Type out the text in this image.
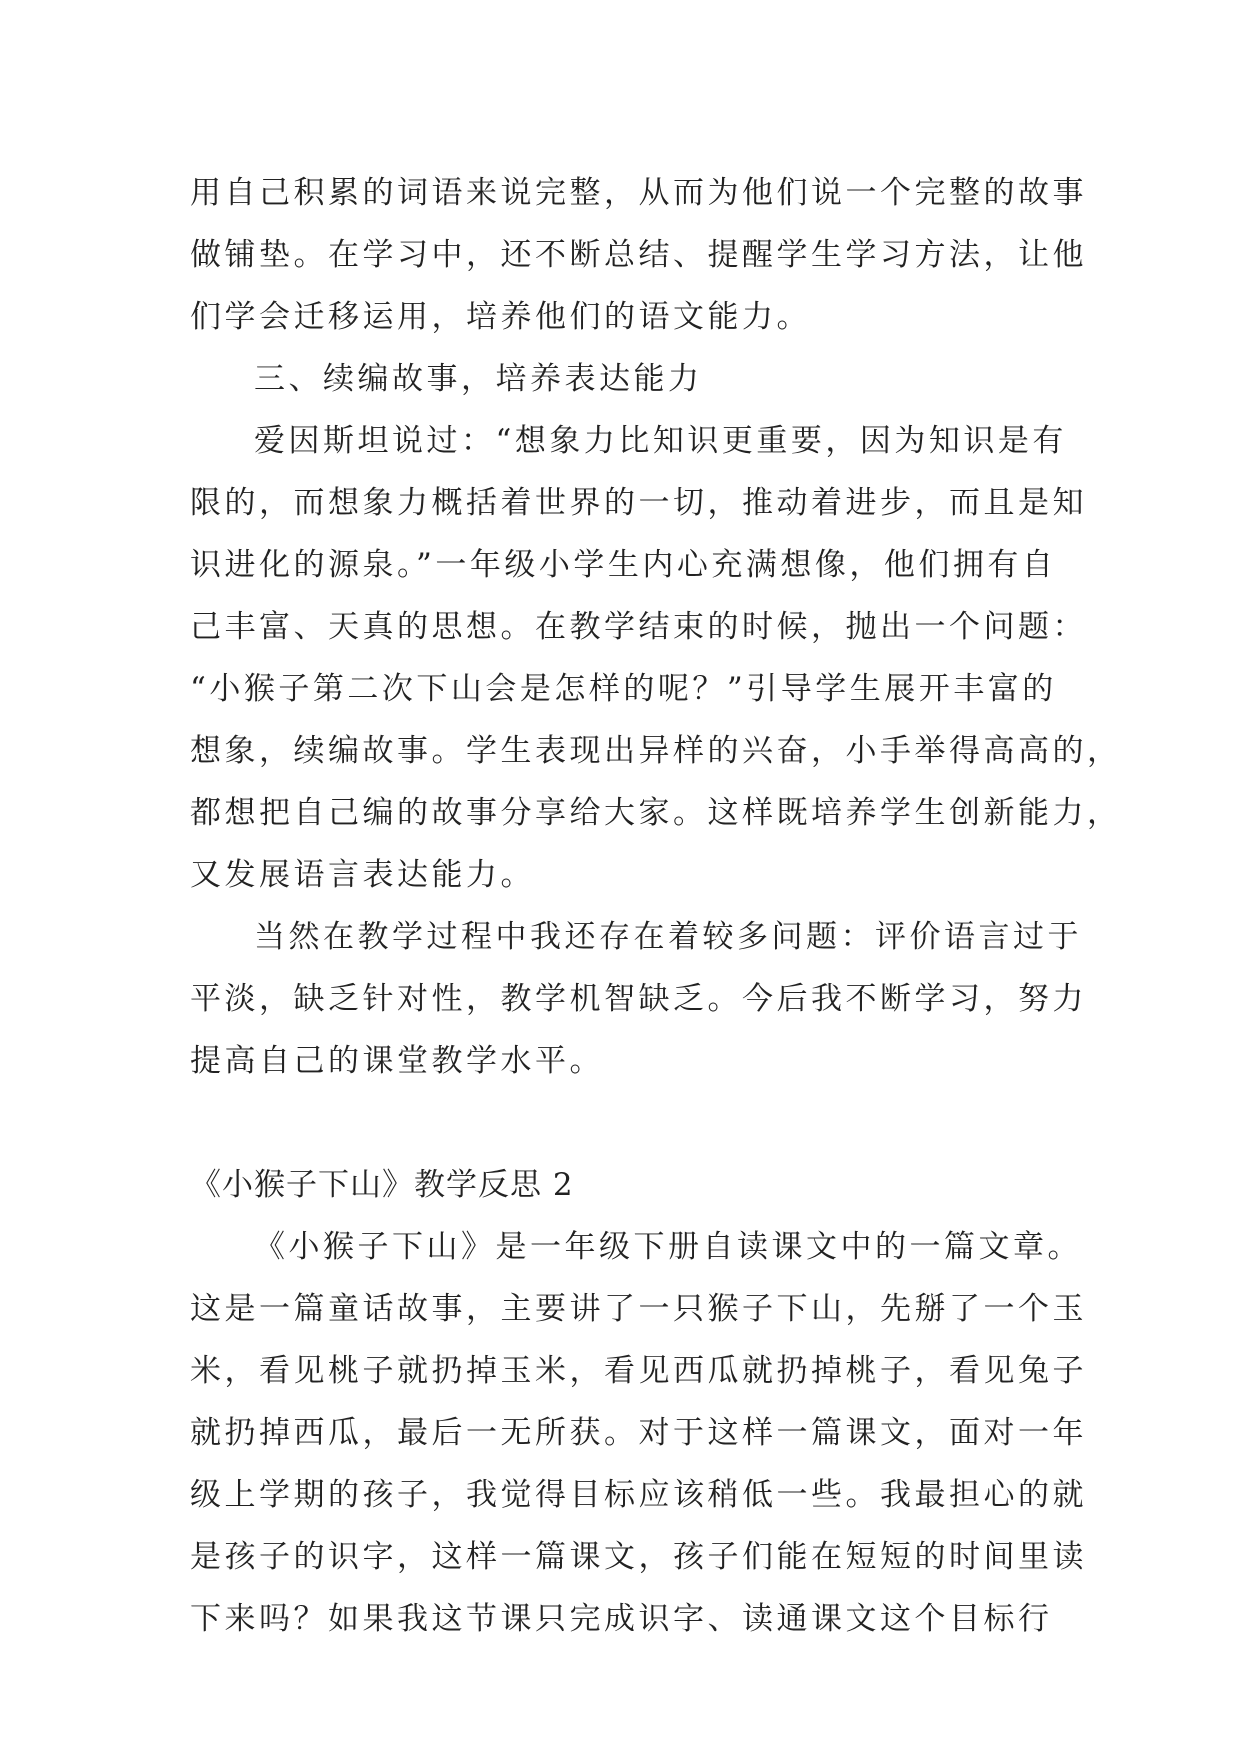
用自己积累的词语来说完整，从而为他们说一个完整的故事
做铺垫。在学习中，还不断总结、提醒学生学习方法，让他
们学会迁移运用，培养他们的语文能力。
三、续编故事，培养表达能力
爱因斯坦说过：“想象力比知识更重要，因为知识是有
限的，而想象力概括着世界的一切，推动着进步，而且是知
识进化的源泉。”一年级小学生内心充满想像，他们拥有自
己丰富、天真的思想。在教学结束的时候，抛出一个问题：
“小猴子第二次下山会是怎样的呢？”引导学生展开丰富的
想象，续编故事。学生表现出异样的兴奋，小手举得高高的，
都想把自己编的故事分享给大家。这样既培养学生创新能力，
又发展语言表达能力。
当然在教学过程中我还存在着较多问题：评价语言过于
平淡，缺乏针对性，教学机智缺乏。今后我不断学习，努力
提高自己的课堂教学水平。
《小猴子下山》教学反思 2
《小猴子下山》是一年级下册自读课文中的一篇文章。
这是一篇童话故事，主要讲了一只猴子下山，先掰了一个玉
米，看见桃子就扔掉玉米，看见西瓜就扔掉桃子，看见兔子
就扔掉西瓜，最后一无所获。对于这样一篇课文，面对一年
级上学期的孩子，我觉得目标应该稍低一些。我最担心的就
是孩子的识字，这样一篇课文，孩子们能在短短的时间里读
下来吗？如果我这节课只完成识字、读通课文这个目标行
